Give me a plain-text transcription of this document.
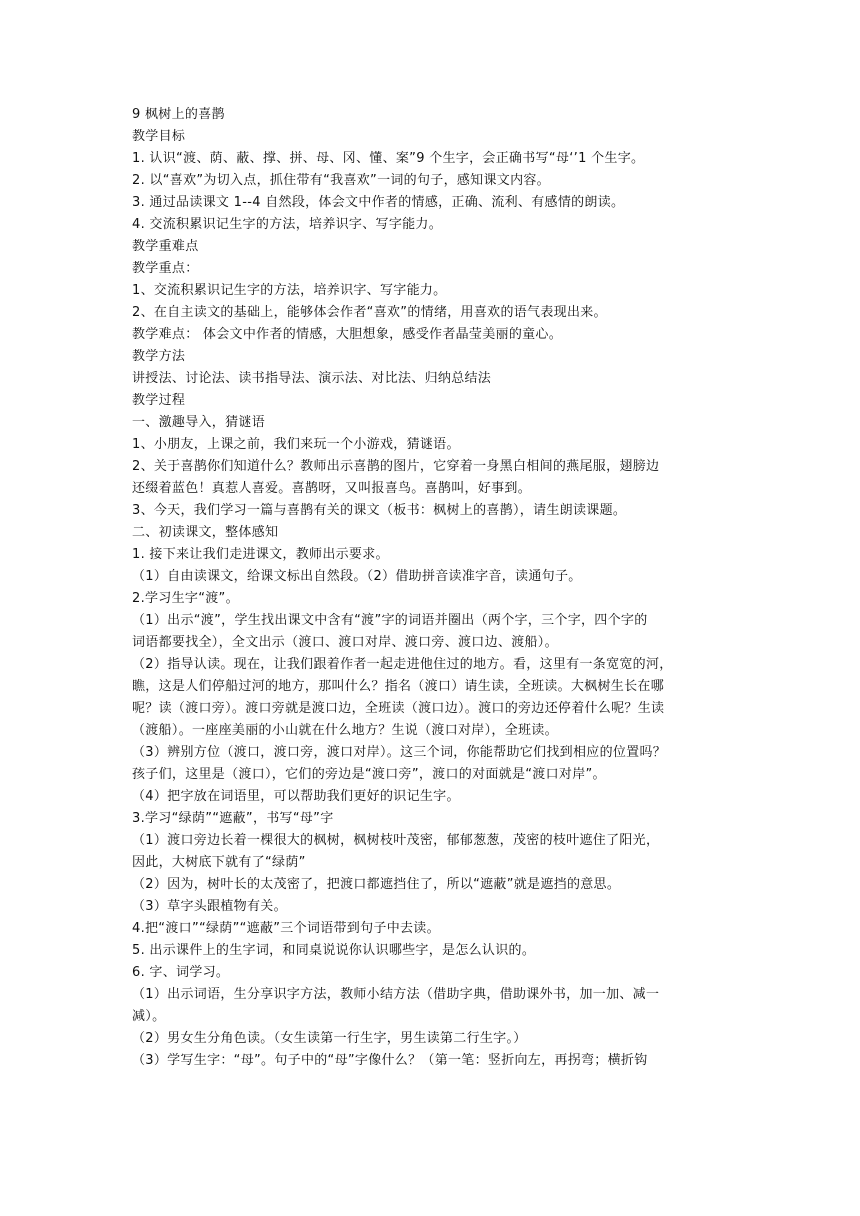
9 枫树上的喜鹊
教学目标
1. 认识“渡、荫、蔽、撑、拼、母、冈、懂、案”9 个生字，会正确书写“母‘’1 个生字。
2. 以“喜欢”为切入点，抓住带有“我喜欢”一词的句子，感知课文内容。
3. 通过品读课文 1--4 自然段，体会文中作者的情感，正确、流利、有感情的朗读。
4. 交流积累识记生字的方法，培养识字、写字能力。
教学重难点
教学重点：
1、交流积累识记生字的方法，培养识字、写字能力。
2、在自主读文的基础上，能够体会作者“喜欢”的情绪，用喜欢的语气表现出来。
教学难点： 体会文中作者的情感，大胆想象，感受作者晶莹美丽的童心。
教学方法
讲授法、讨论法、读书指导法、演示法、对比法、归纳总结法
教学过程
一、激趣导入，猜谜语
1、小朋友，上课之前，我们来玩一个小游戏，猜谜语。
2、关于喜鹊你们知道什么？教师出示喜鹊的图片，它穿着一身黑白相间的燕尾服，翅膀边
还缀着蓝色！真惹人喜爱。喜鹊呀，又叫报喜鸟。喜鹊叫，好事到。
3、今天，我们学习一篇与喜鹊有关的课文（板书：枫树上的喜鹊），请生朗读课题。
二、初读课文，整体感知
1. 接下来让我们走进课文，教师出示要求。
（1）自由读课文，给课文标出自然段。（2）借助拼音读准字音，读通句子。
2.学习生字“渡”。
（1）出示“渡”，学生找出课文中含有“渡”字的词语并圈出（两个字，三个字，四个字的
词语都要找全），全文出示（渡口、渡口对岸、渡口旁、渡口边、渡船）。
（2）指导认读。现在，让我们跟着作者一起走进他住过的地方。看，这里有一条宽宽的河，
瞧，这是人们停船过河的地方，那叫什么？指名（渡口）请生读，全班读。大枫树生长在哪
呢？读（渡口旁）。渡口旁就是渡口边，全班读（渡口边）。渡口的旁边还停着什么呢？生读
（渡船）。一座座美丽的小山就在什么地方？生说（渡口对岸），全班读。
（3）辨别方位（渡口，渡口旁，渡口对岸）。这三个词，你能帮助它们找到相应的位置吗？
孩子们，这里是（渡口），它们的旁边是“渡口旁”，渡口的对面就是“渡口对岸”。
（4）把字放在词语里，可以帮助我们更好的识记生字。
3.学习“绿荫”“遮蔽”，书写“母”字
（1）渡口旁边长着一棵很大的枫树，枫树枝叶茂密，郁郁葱葱，茂密的枝叶遮住了阳光，
因此，大树底下就有了“绿荫”
（2）因为，树叶长的太茂密了，把渡口都遮挡住了，所以“遮蔽”就是遮挡的意思。
（3）草字头跟植物有关。
4.把“渡口”“绿荫”“遮蔽”三个词语带到句子中去读。
5. 出示课件上的生字词，和同桌说说你认识哪些字，是怎么认识的。
6. 字、词学习。
（1）出示词语，生分享识字方法，教师小结方法（借助字典，借助课外书，加一加、减一
减）。
（2）男女生分角色读。（女生读第一行生字，男生读第二行生字。）
（3）学写生字：“母”。句子中的“母”字像什么？（第一笔：竖折向左，再拐弯；横折钩
